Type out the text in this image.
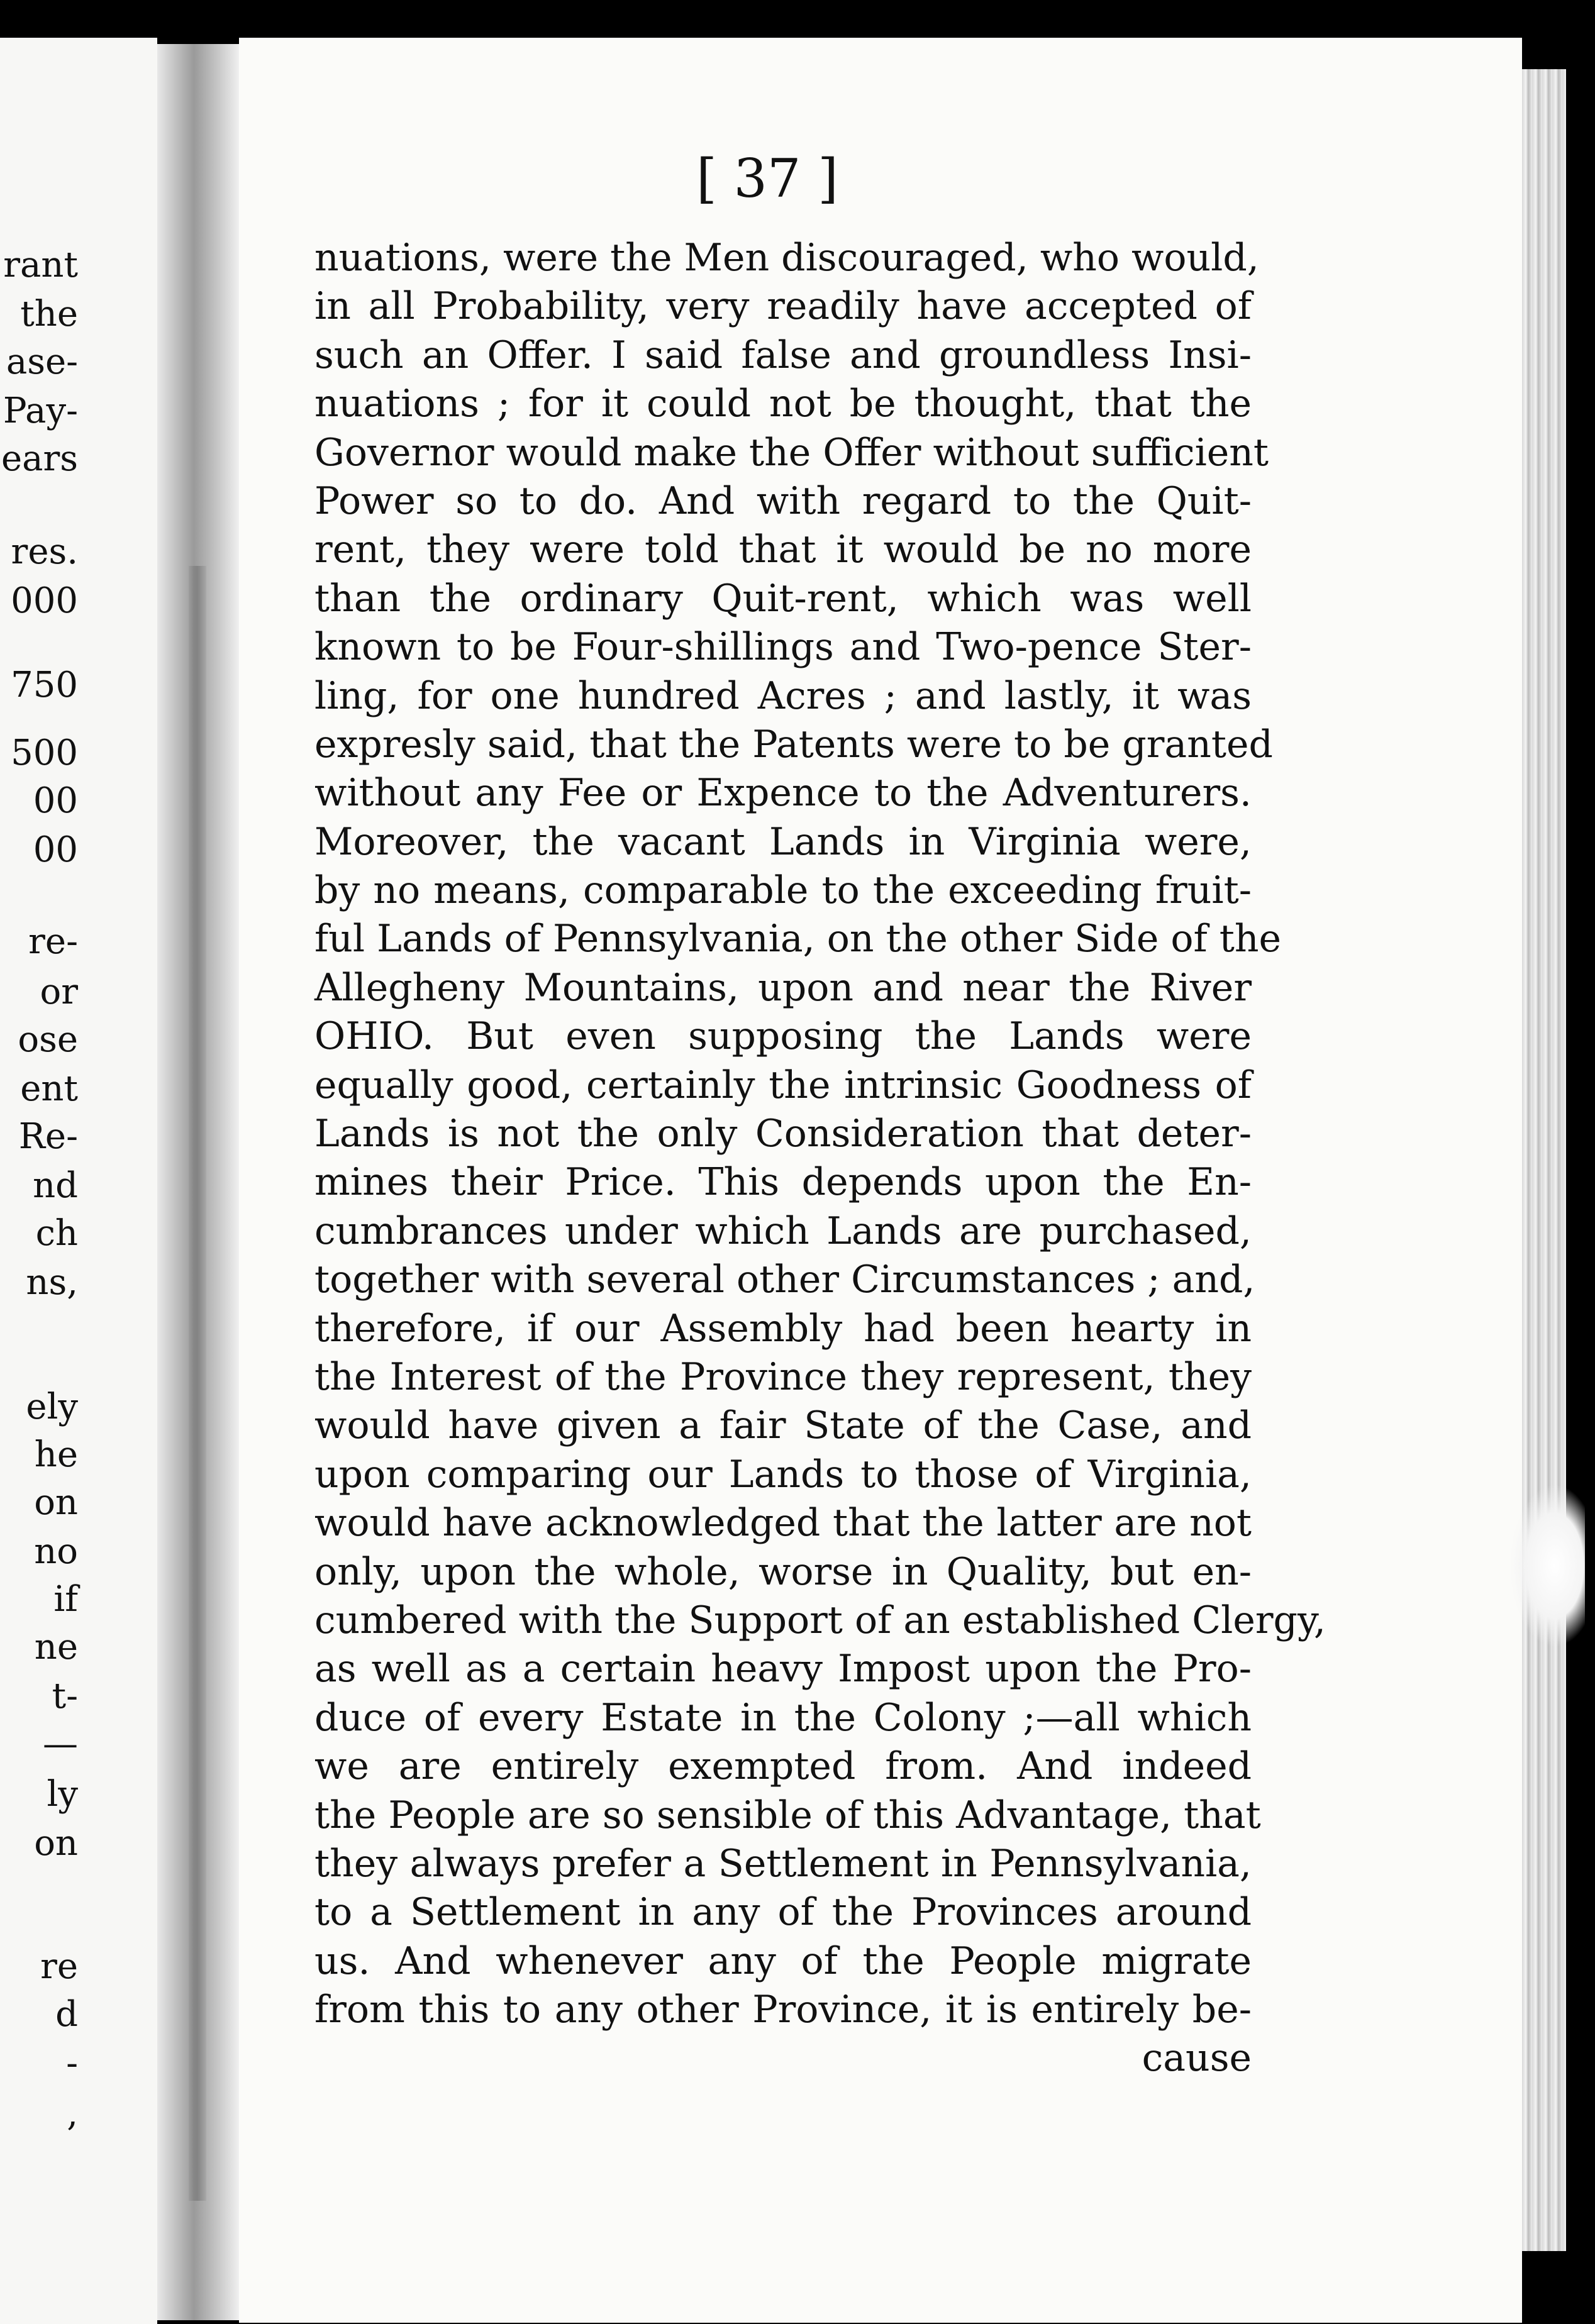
rant
the
ase-
Pay-
ears
res.
000
750
500
00
00
re-
or
ose
ent
Re-
nd
ch
ns,
ely
he
on
no
if
ne
t-
—
ly
on
re
d
-
,
[ 37 ]
nuations, were the Men discouraged, who would,
in all Probability, very readily have accepted of
such an Offer. I said false and groundless Insi-
nuations ; for it could not be thought, that the
Governor would make the Offer without sufficient
Power so to do. And with regard to the Quit-
rent, they were told that it would be no more
than the ordinary Quit-rent, which was well
known to be Four-shillings and Two-pence Ster-
ling, for one hundred Acres ; and lastly, it was
expresly said, that the Patents were to be granted
without any Fee or Expence to the Adventurers.
Moreover, the vacant Lands in Virginia were,
by no means, comparable to the exceeding fruit-
ful Lands of Pennsylvania, on the other Side of the
Allegheny Mountains, upon and near the River
OHIO. But even supposing the Lands were
equally good, certainly the intrinsic Goodness of
Lands is not the only Consideration that deter-
mines their Price. This depends upon the En-
cumbrances under which Lands are purchased,
together with several other Circumstances ; and,
therefore, if our Assembly had been hearty in
the Interest of the Province they represent, they
would have given a fair State of the Case, and
upon comparing our Lands to those of Virginia,
would have acknowledged that the latter are not
only, upon the whole, worse in Quality, but en-
cumbered with the Support of an established Clergy,
as well as a certain heavy Impost upon the Pro-
duce of every Estate in the Colony ;—all which
we are entirely exempted from. And indeed
the People are so sensible of this Advantage, that
they always prefer a Settlement in Pennsylvania,
to a Settlement in any of the Provinces around
us. And whenever any of the People migrate
from this to any other Province, it is entirely be-
cause
